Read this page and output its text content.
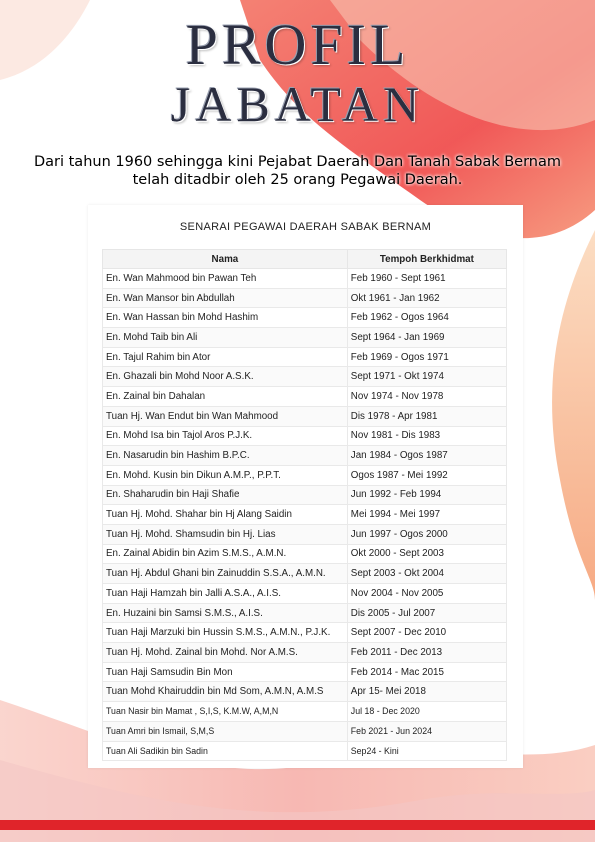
PROFIL
JABATAN
Dari tahun 1960 sehingga kini Pejabat Daerah Dan Tanah Sabak Bernam telah ditadbir oleh 25 orang Pegawai Daerah.
SENARAI PEGAWAI DAERAH SABAK BERNAM
Nama	Tempoh Berkhidmat
En. Wan Mahmood bin Pawan Teh	Feb 1960 - Sept 1961
En. Wan Mansor bin Abdullah	Okt 1961 - Jan 1962
En. Wan Hassan bin Mohd Hashim	Feb 1962 - Ogos 1964
En. Mohd Taib bin Ali	Sept 1964 - Jan 1969
En. Tajul Rahim bin Ator	Feb 1969 - Ogos 1971
En. Ghazali bin Mohd Noor A.S.K.	Sept 1971 - Okt 1974
En. Zainal bin Dahalan	Nov 1974 - Nov 1978
Tuan Hj. Wan Endut bin Wan Mahmood	Dis 1978 - Apr 1981
En. Mohd Isa bin Tajol Aros P.J.K.	Nov 1981 - Dis 1983
En. Nasarudin bin Hashim B.P.C.	Jan 1984 - Ogos 1987
En. Mohd. Kusin bin Dikun A.M.P., P.P.T.	Ogos 1987 - Mei 1992
En. Shaharudin bin Haji Shafie	Jun 1992 - Feb 1994
Tuan Hj. Mohd. Shahar bin Hj Alang Saidin	Mei 1994 - Mei 1997
Tuan Hj. Mohd. Shamsudin bin Hj. Lias	Jun 1997 - Ogos 2000
En. Zainal Abidin bin Azim S.M.S., A.M.N.	Okt 2000 - Sept 2003
Tuan Hj. Abdul Ghani bin Zainuddin S.S.A., A.M.N.	Sept 2003 - Okt 2004
Tuan Haji Hamzah bin Jalli A.S.A., A.I.S.	Nov 2004 - Nov 2005
En. Huzaini bin Samsi S.M.S., A.I.S.	Dis 2005 - Jul 2007
Tuan Haji Marzuki bin Hussin S.M.S., A.M.N., P.J.K.	Sept 2007 - Dec 2010
Tuan Hj. Mohd. Zainal bin Mohd. Nor A.M.S.	Feb 2011 - Dec 2013
Tuan Haji Samsudin Bin Mon	Feb 2014 - Mac 2015
Tuan Mohd Khairuddin bin Md Som, A.M.N, A.M.S	Apr 15- Mei 2018
Tuan Nasir bin Mamat , S,I,S, K.M.W, A,M,N	Jul 18 - Dec 2020
Tuan Amri bin Ismail, S,M,S	Feb 2021 - Jun 2024
Tuan Ali Sadikin bin Sadin	Sep24 - Kini
